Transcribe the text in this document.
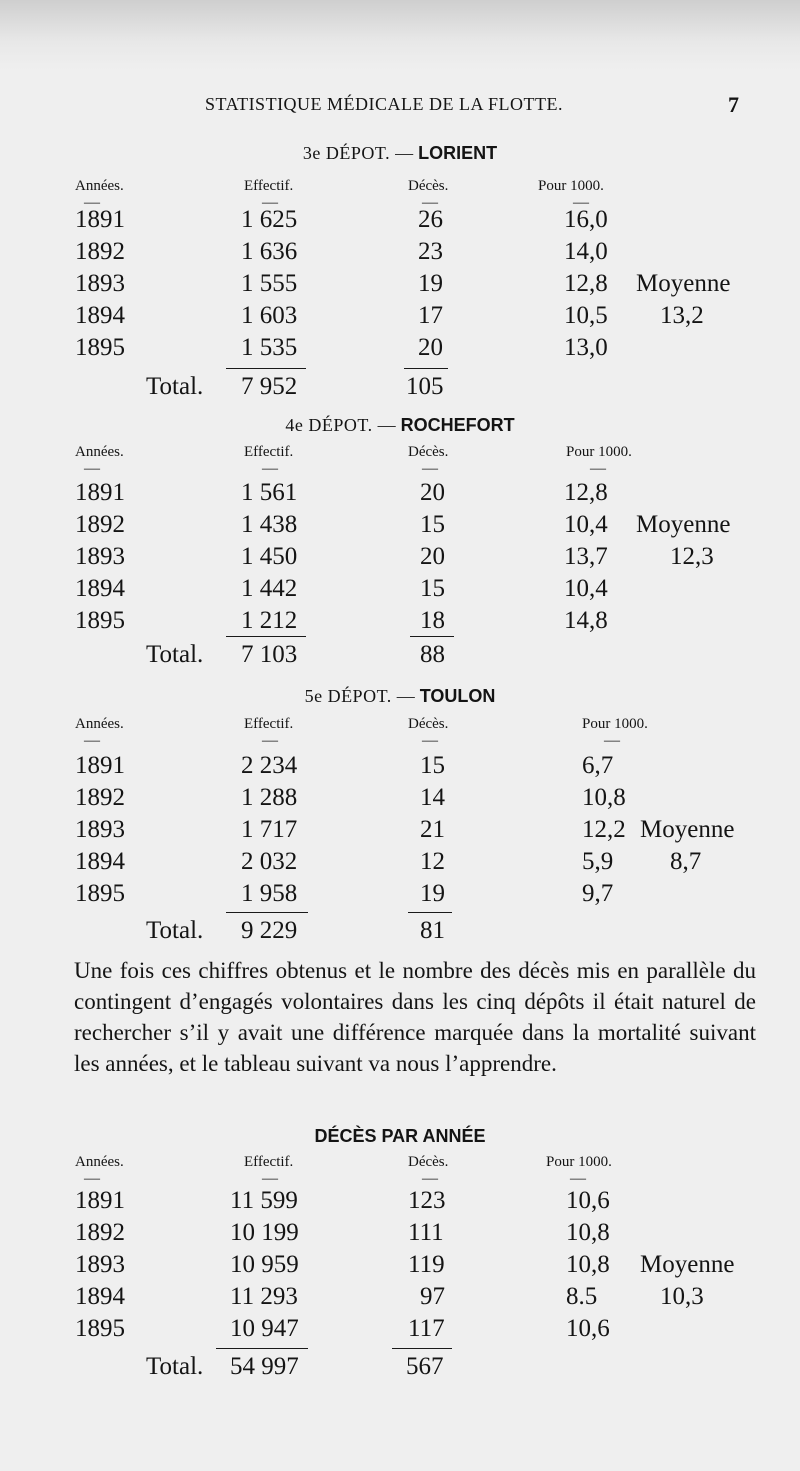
STATISTIQUE MÉDICALE DE LA FLOTTE.	7
3e DÉPOT. — LORIENT
Années.	Effectif.	Décès.	Pour 1000.
—	—	—	—
1891	1 625	26	16,0
1892	1 636	23	14,0
1893	1 555	19	12,8 Moyenne
1894	1 603	17	10,5 13,2
1895	1 535	20	13,0
Total. 7 952	105
4e DÉPOT. — ROCHEFORT
Années.	Effectif.	Décès.	Pour 1000.
—	—	—	—
1891	1 561	20	12,8
1892	1 438	15	10,4 Moyenne
1893	1 450	20	13,7 12,3
1894	1 442	15	10,4
1895	1 212	18	14,8
Total. 7 103	88
5e DÉPOT. — TOULON
Années.	Effectif.	Décès.	Pour 1000.
—	—	—	—
1891	2 234	15	6,7
1892	1 288	14	10,8
1893	1 717	21	12,2 Moyenne
1894	2 032	12	5,9 8,7
1895	1 958	19	9,7
Total. 9 229	81

Une fois ces chiffres obtenus et le nombre des décès mis en parallèle du contingent d’engagés volontaires dans les cinq dépôts il était naturel de rechercher s’il y avait une différence marquée dans la mortalité suivant les années, et le tableau suivant va nous l’apprendre.

DÉCÈS PAR ANNÉE
Années.	Effectif.	Décès.	Pour 1000.
—	—	—	—
1891	11 599	123	10,6
1892	10 199	111	10,8
1893	10 959	119	10,8 Moyenne
1894	11 293	97	8.5	10,3
1895	10 947	117	10,6
Total. 54 997	567
